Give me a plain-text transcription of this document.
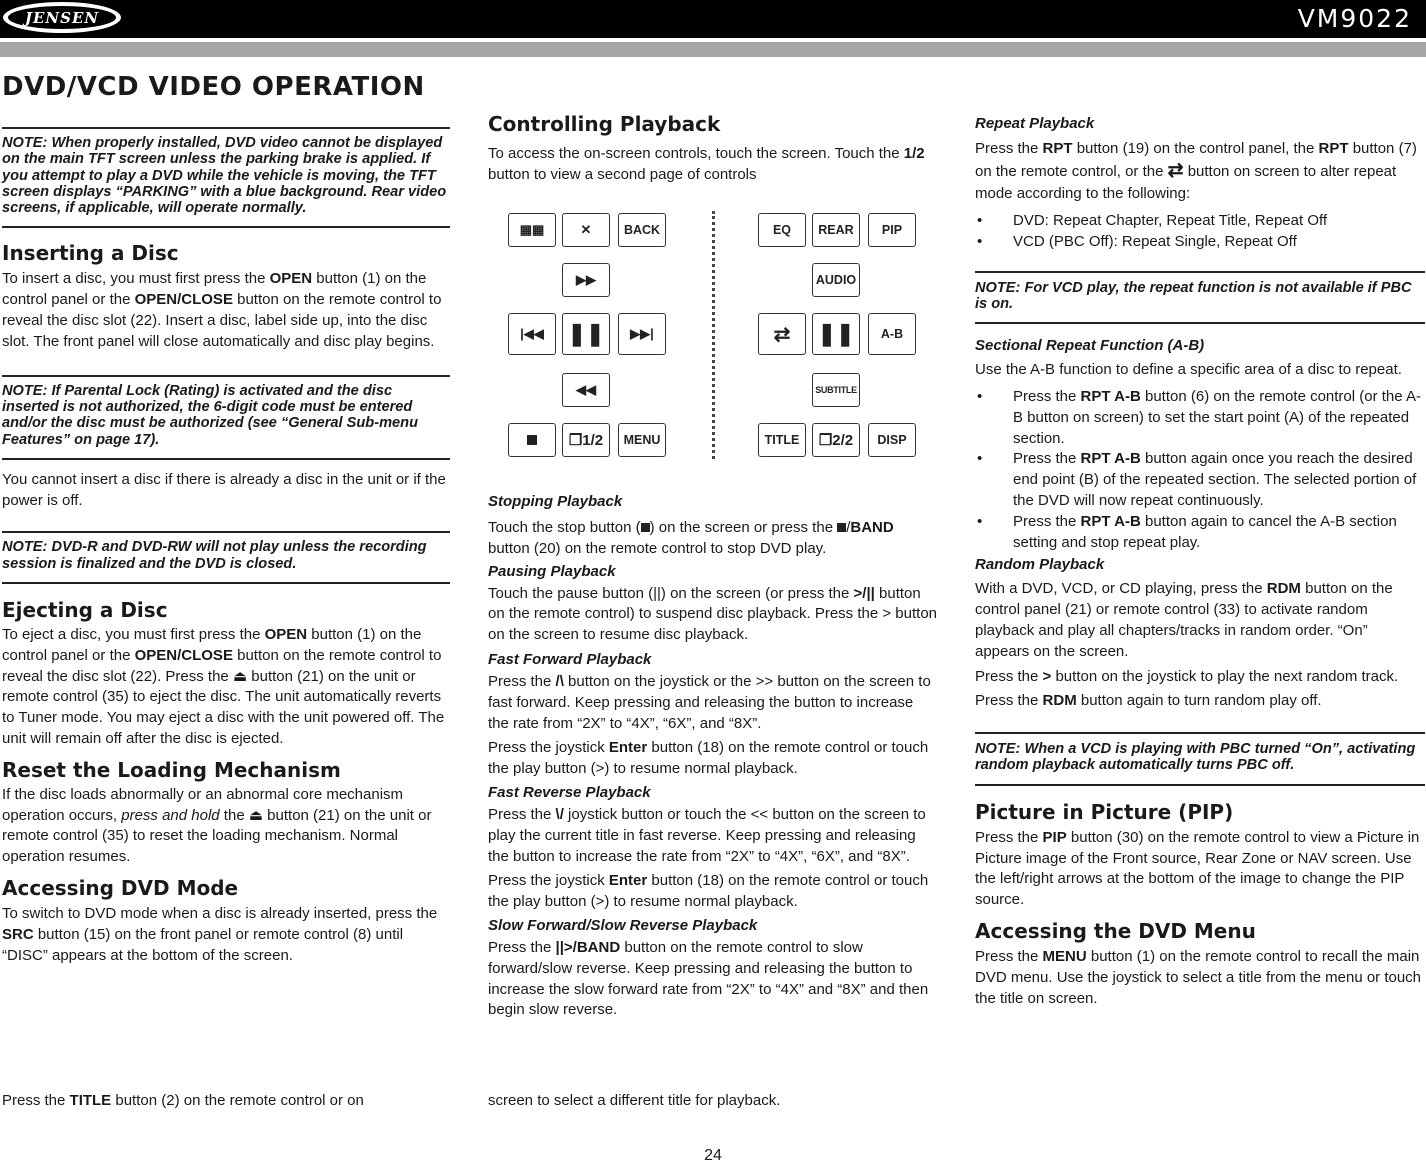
JENSEN	VM9022
DVD/VCD VIDEO OPERATION
NOTE: When properly installed, DVD video cannot be displayed on the main TFT screen unless the parking brake is applied. If you attempt to play a DVD while the vehicle is moving, the TFT screen displays “PARKING” with a blue background. Rear video screens, if applicable, will operate normally.
Inserting a Disc

To insert a disc, you must first press the OPEN button (1) on the control panel or the OPEN/CLOSE button on the remote control to reveal the disc slot (22). Insert a disc, label side up, into the disc slot. The front panel will close automatically and disc play begins.

NOTE: If Parental Lock (Rating) is activated and the disc inserted is not authorized, the 6-digit code must be entered and/or the disc must be authorized (see “General Sub-menu Features” on page 17).

You cannot insert a disc if there is already a disc in the unit or if the power is off.

NOTE: DVD-R and DVD-RW will not play unless the recording session is finalized and the DVD is closed.
Ejecting a Disc

To eject a disc, you must first press the OPEN button (1) on the control panel or the OPEN/CLOSE button on the remote control to reveal the disc slot (22). Press the ⏏ button (21) on the unit or remote control (35) to eject the disc. The unit automatically reverts to Tuner mode. You may eject a disc with the unit powered off. The unit will remain off after the disc is ejected.

Reset the Loading Mechanism

If the disc loads abnormally or an abnormal core mechanism operation occurs, press and hold the ⏏ button (21) on the unit or remote control (35) to reset the loading mechanism. Normal operation resumes.

Accessing DVD Mode

To switch to DVD mode when a disc is already inserted, press the SRC button (15) on the front panel or remote control (8) until “DISC” appears at the bottom of the screen.

Press the TITLE button (2) on the remote control or on

Controlling Playback

To access the on-screen controls, touch the screen. Touch the 1/2 button to view a second page of controls

▦▦	✕	BACK
▶▶
|◀◀ ❚❚ ▶▶|
◀◀
❐ 1/2	MENU
EQ	REAR	PIP
AUDIO
⇄ ❚❚	A-B
SUBTITLE
TITLE	❐ 2/2	DISP
Stopping Playback

Touch the stop button ( ) on the screen or press the /BAND button (20) on the remote control to stop DVD play.

Pausing Playback

Touch the pause button (||) on the screen (or press the >/|| button on the remote control) to suspend disc playback. Press the > button on the screen to resume disc playback.

Fast Forward Playback

Press the /\ button on the joystick or the >> button on the screen to fast forward. Keep pressing and releasing the button to increase the rate from “2X” to “4X”, “6X”, and “8X”.

Press the joystick Enter button (18) on the remote control or touch the play button (>) to resume normal playback.

Fast Reverse Playback

Press the \/ joystick button or touch the << button on the screen to play the current title in fast reverse. Keep pressing and releasing the button to increase the rate from “2X” to “4X”, “6X”, and “8X”.

Press the joystick Enter button (18) on the remote control or touch the play button (>) to resume normal playback.

Slow Forward/Slow Reverse Playback

Press the ||>/BAND button on the remote control to slow forward/slow reverse. Keep pressing and releasing the button to increase the slow forward rate from “2X” to “4X” and “8X” and then begin slow reverse.

screen to select a different title for playback.

Repeat Playback

Press the RPT button (19) on the control panel, the RPT button (7) on the remote control, or the ⇄ button on screen to alter repeat mode according to the following:

• DVD: Repeat Chapter, Repeat Title, Repeat Off
• VCD (PBC Off): Repeat Single, Repeat Off
NOTE: For VCD play, the repeat function is not available if PBC is on.
Sectional Repeat Function (A-B)

Use the A-B function to define a specific area of a disc to repeat.

• Press the RPT A-B button (6) on the remote control (or the A-B button on screen) to set the start point (A) of the repeated section.
• Press the RPT A-B button again once you reach the desired end point (B) of the repeated section. The selected portion of the DVD will now repeat continuously.
• Press the RPT A-B button again to cancel the A-B section setting and stop repeat play.
Random Playback

With a DVD, VCD, or CD playing, press the RDM button on the control panel (21) or remote control (33) to activate random playback and play all chapters/tracks in random order. “On” appears on the screen.

Press the > button on the joystick to play the next random track.

Press the RDM button again to turn random play off.

NOTE: When a VCD is playing with PBC turned “On”, activating random playback automatically turns PBC off.
Picture in Picture (PIP)

Press the PIP button (30) on the remote control to view a Picture in Picture image of the Front source, Rear Zone or NAV screen. Use the left/right arrows at the bottom of the image to change the PIP source.

Accessing the DVD Menu

Press the MENU button (1) on the remote control to recall the main DVD menu. Use the joystick to select a title from the menu or touch the title on screen.

24
